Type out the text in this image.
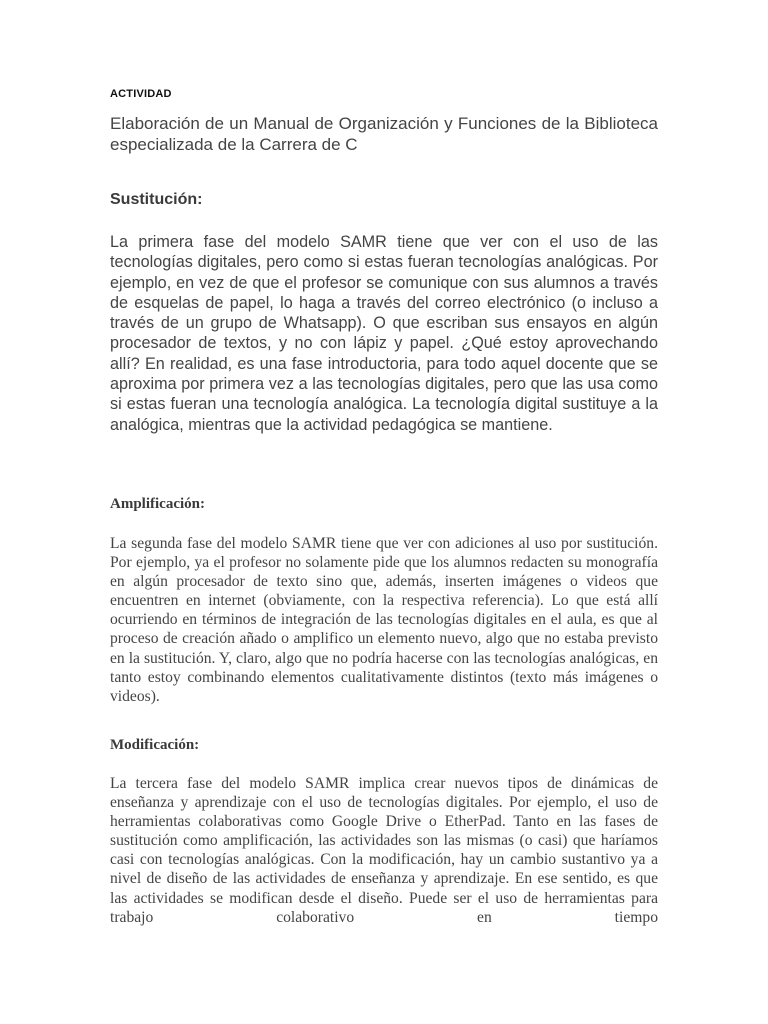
ACTIVIDAD

Elaboración de un Manual de Organización y Funciones de la Biblioteca especializada de la Carrera de C

Sustitución:

La primera fase del modelo SAMR tiene que ver con el uso de las tecnologías digitales, pero como si estas fueran tecnologías analógicas. Por ejemplo, en vez de que el profesor se comunique con sus alumnos a través de esquelas de papel, lo haga a través del correo electrónico (o incluso a través de un grupo de Whatsapp). O que escriban sus ensayos en algún procesador de textos, y no con lápiz y papel. ¿Qué estoy aprovechando allí? En realidad, es una fase introductoria, para todo aquel docente que se aproxima por primera vez a las tecnologías digitales, pero que las usa como si estas fueran una tecnología analógica. La tecnología digital sustituye a la analógica, mientras que la actividad pedagógica se mantiene.

Amplificación:

La segunda fase del modelo SAMR tiene que ver con adiciones al uso por sustitución. Por ejemplo, ya el profesor no solamente pide que los alumnos redacten su monografía en algún procesador de texto sino que, además, inserten imágenes o videos que encuentren en internet (obviamente, con la respectiva referencia). Lo que está allí ocurriendo en términos de integración de las tecnologías digitales en el aula, es que al proceso de creación añado o amplifico un elemento nuevo, algo que no estaba previsto en la sustitución. Y, claro, algo que no podría hacerse con las tecnologías analógicas, en tanto estoy combinando elementos cualitativamente distintos (texto más imágenes o videos).

Modificación:

La tercera fase del modelo SAMR implica crear nuevos tipos de dinámicas de enseñanza y aprendizaje con el uso de tecnologías digitales. Por ejemplo, el uso de herramientas colaborativas como Google Drive o EtherPad. Tanto en las fases de sustitución como amplificación, las actividades son las mismas (o casi) que haríamos casi con tecnologías analógicas. Con la modificación, hay un cambio sustantivo ya a nivel de diseño de las actividades de enseñanza y aprendizaje. En ese sentido, es que las actividades se modifican desde el diseño. Puede ser el uso de herramientas para trabajo colaborativo en tiempo
